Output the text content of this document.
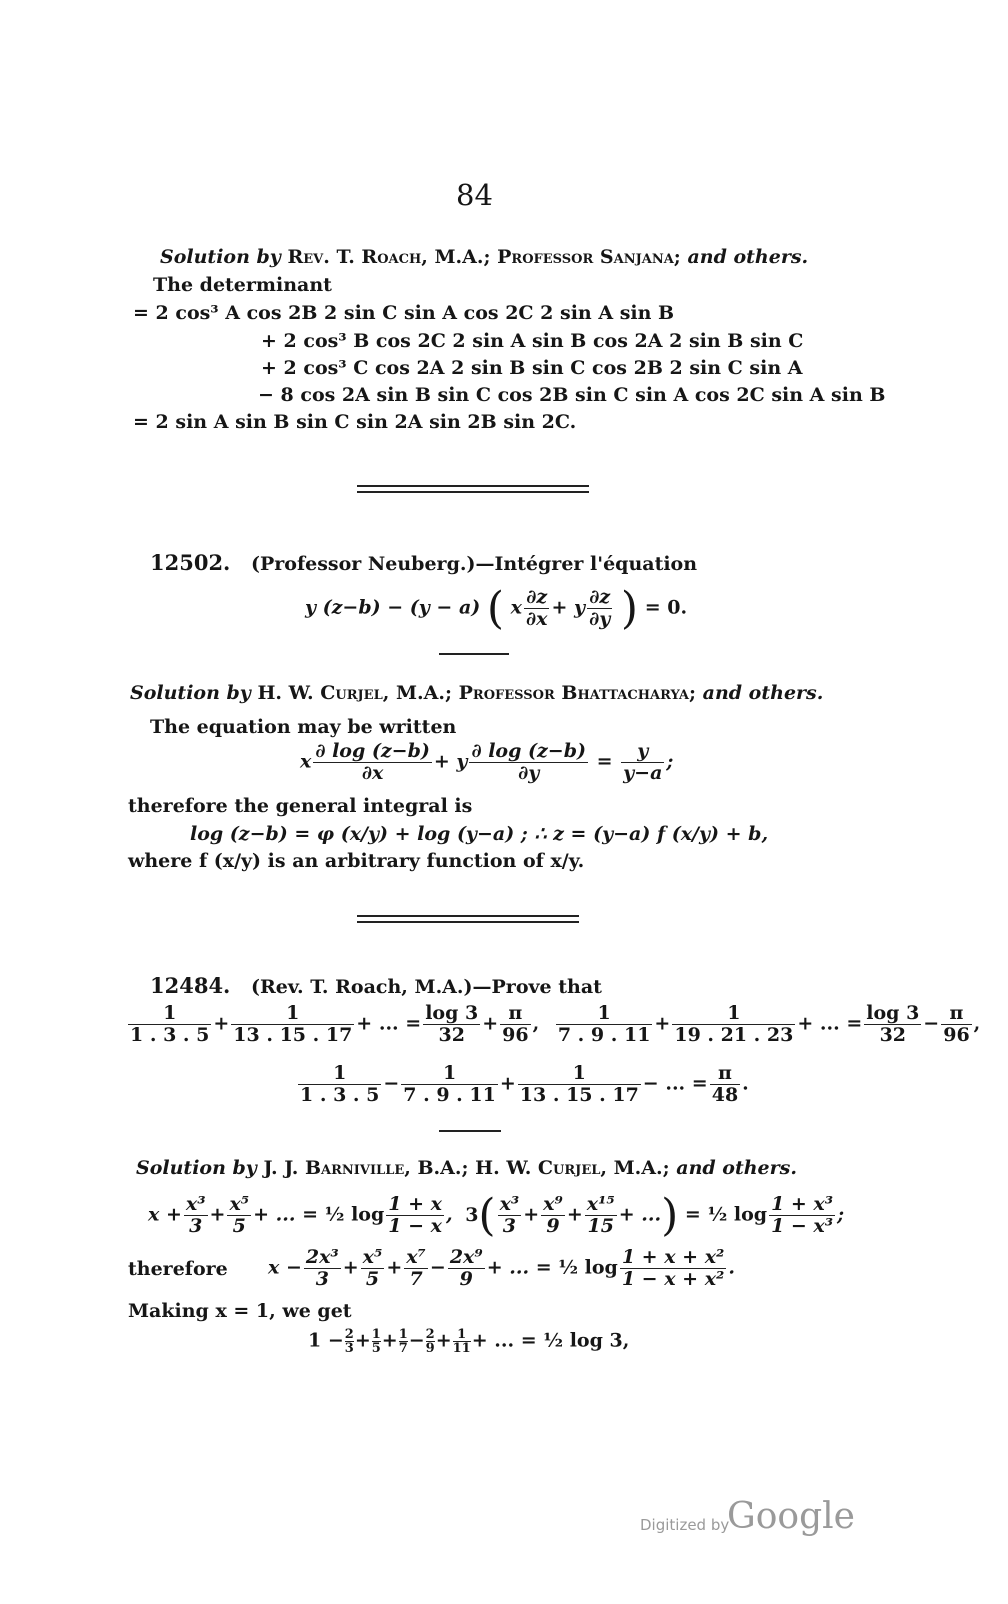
84
Solution by Rev. T. Roach, M.A.; Professor Sanjana; and others.
The determinant
= 2 cos³ A cos 2B 2 sin C sin A cos 2C 2 sin A sin B
+ 2 cos³ B cos 2C 2 sin A sin B cos 2A 2 sin B sin C
+ 2 cos³ C cos 2A 2 sin B sin C cos 2B 2 sin C sin A
− 8 cos 2A sin B sin C cos 2B sin C sin A cos 2C sin A sin B
= 2 sin A sin B sin C sin 2A sin 2B sin 2C.
12502. (Professor Neuberg.)—Intégrer l'équation
y (z−b) − (y − a) ( x $\frac{\partial z}{\partial x} + y \frac{\partial z}{\partial y}$ ) = 0.
Solution by H. W. Curjel, M.A.; Professor Bhattacharya; and others.
The equation may be written
x $\frac{\partial \log (z-b)}{\partial x} + y \frac{\partial \log (z-b)}{\partial y} = \frac{y}{y-a}$ ;
therefore the general integral is
log (z−b) = φ (x/y) + log (y−a) ; ∴ z = (y−a) f (x/y) + b,
where f (x/y) is an arbitrary function of x/y.
12484. (Rev. T. Roach, M.A.)—Prove that
$\frac{1}{1 . 3 . 5} + \frac{1}{13 . 15 . 17}$ + ... = $\frac{\log 3}{32} + \frac{\pi}{96}$ , $\frac{1}{7 . 9 . 11} + \frac{1}{19 . 21 . 23}$ + ... = $\frac{\log 3}{32} - \frac{\pi}{96}$ ,
$\frac{1}{1 . 3 . 5} - \frac{1}{7 . 9 . 11} + \frac{1}{13 . 15 . 17}$ − ... = $\frac{\pi}{48}$ .
Solution by J. J. Barniville, B.A.; H. W. Curjel, M.A.; and others.
$x + \frac{\text{x³}}{3} + \frac{\text{x⁵}}{5}$ + ... = ½ $\log \frac{1 + x}{1 - x}$ , $3( \frac{\text{x³}}{3} + \frac{\text{x⁹}}{9} + \frac{\text{x¹⁵}}{15}$ + ...) = ½ $\log \frac{\text{1 + x³}}{\text{1 − x³}}$ ;
therefore $x - \frac{\text{2x³}}{3} + \frac{\text{x⁵}}{5} + \frac{\text{x⁷}}{7} - \frac{\text{2x⁹}}{9}$ + ... = ½ $\log \frac{\text{1 + x + x²}}{\text{1 − x + x²}}$ .
Making x = 1, we get
$1 - \frac{2}{3} + \frac{1}{5} + \frac{1}{7} - \frac{2}{9} + \frac{1}{11}$ + ... = ½ log 3,
Digitized by
Google
